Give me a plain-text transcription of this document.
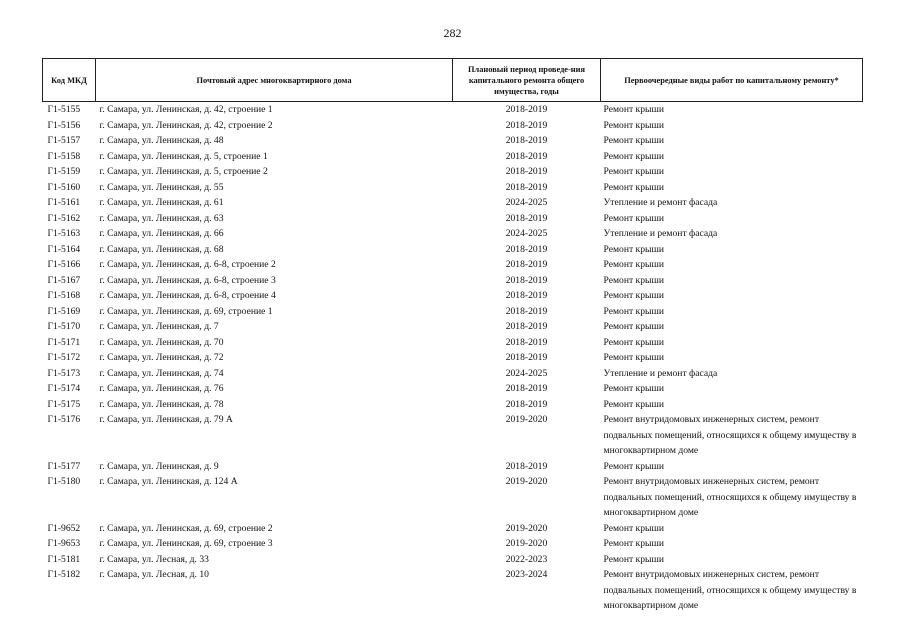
282
Код МКД	Почтовый адрес многоквартирного дома	Плановый период проведе-ния капитального ремонта общего имущества, годы	Первоочередные виды работ по капитальному ремонту*
Г1-5155	г. Самара, ул. Ленинская, д. 42, строение 1	2018-2019	Ремонт крыши
Г1-5156	г. Самара, ул. Ленинская, д. 42, строение 2	2018-2019	Ремонт крыши
Г1-5157	г. Самара, ул. Ленинская, д. 48	2018-2019	Ремонт крыши
Г1-5158	г. Самара, ул. Ленинская, д. 5, строение 1	2018-2019	Ремонт крыши
Г1-5159	г. Самара, ул. Ленинская, д. 5, строение 2	2018-2019	Ремонт крыши
Г1-5160	г. Самара, ул. Ленинская, д. 55	2018-2019	Ремонт крыши
Г1-5161	г. Самара, ул. Ленинская, д. 61	2024-2025	Утепление и ремонт фасада
Г1-5162	г. Самара, ул. Ленинская, д. 63	2018-2019	Ремонт крыши
Г1-5163	г. Самара, ул. Ленинская, д. 66	2024-2025	Утепление и ремонт фасада
Г1-5164	г. Самара, ул. Ленинская, д. 68	2018-2019	Ремонт крыши
Г1-5166	г. Самара, ул. Ленинская, д. 6-8, строение 2	2018-2019	Ремонт крыши
Г1-5167	г. Самара, ул. Ленинская, д. 6-8, строение 3	2018-2019	Ремонт крыши
Г1-5168	г. Самара, ул. Ленинская, д. 6-8, строение 4	2018-2019	Ремонт крыши
Г1-5169	г. Самара, ул. Ленинская, д. 69, строение 1	2018-2019	Ремонт крыши
Г1-5170	г. Самара, ул. Ленинская, д. 7	2018-2019	Ремонт крыши
Г1-5171	г. Самара, ул. Ленинская, д. 70	2018-2019	Ремонт крыши
Г1-5172	г. Самара, ул. Ленинская, д. 72	2018-2019	Ремонт крыши
Г1-5173	г. Самара, ул. Ленинская, д. 74	2024-2025	Утепление и ремонт фасада
Г1-5174	г. Самара, ул. Ленинская, д. 76	2018-2019	Ремонт крыши
Г1-5175	г. Самара, ул. Ленинская, д. 78	2018-2019	Ремонт крыши
Г1-5176	г. Самара, ул. Ленинская, д. 79 А	2019-2020	Ремонт внутридомовых инженерных систем, ремонт подвальных помещений, относящихся к общему имуществу в многоквартирном доме
Г1-5177	г. Самара, ул. Ленинская, д. 9	2018-2019	Ремонт крыши
Г1-5180	г. Самара, ул. Ленинская, д. 124 А	2019-2020	Ремонт внутридомовых инженерных систем, ремонт подвальных помещений, относящихся к общему имуществу в многоквартирном доме
Г1-9652	г. Самара, ул. Ленинская, д. 69, строение 2	2019-2020	Ремонт крыши
Г1-9653	г. Самара, ул. Ленинская, д. 69, строение 3	2019-2020	Ремонт крыши
Г1-5181	г. Самара, ул. Лесная, д. 33	2022-2023	Ремонт крыши
Г1-5182	г. Самара, ул. Лесная, д. 10	2023-2024	Ремонт внутридомовых инженерных систем, ремонт подвальных помещений, относящихся к общему имуществу в многоквартирном доме
